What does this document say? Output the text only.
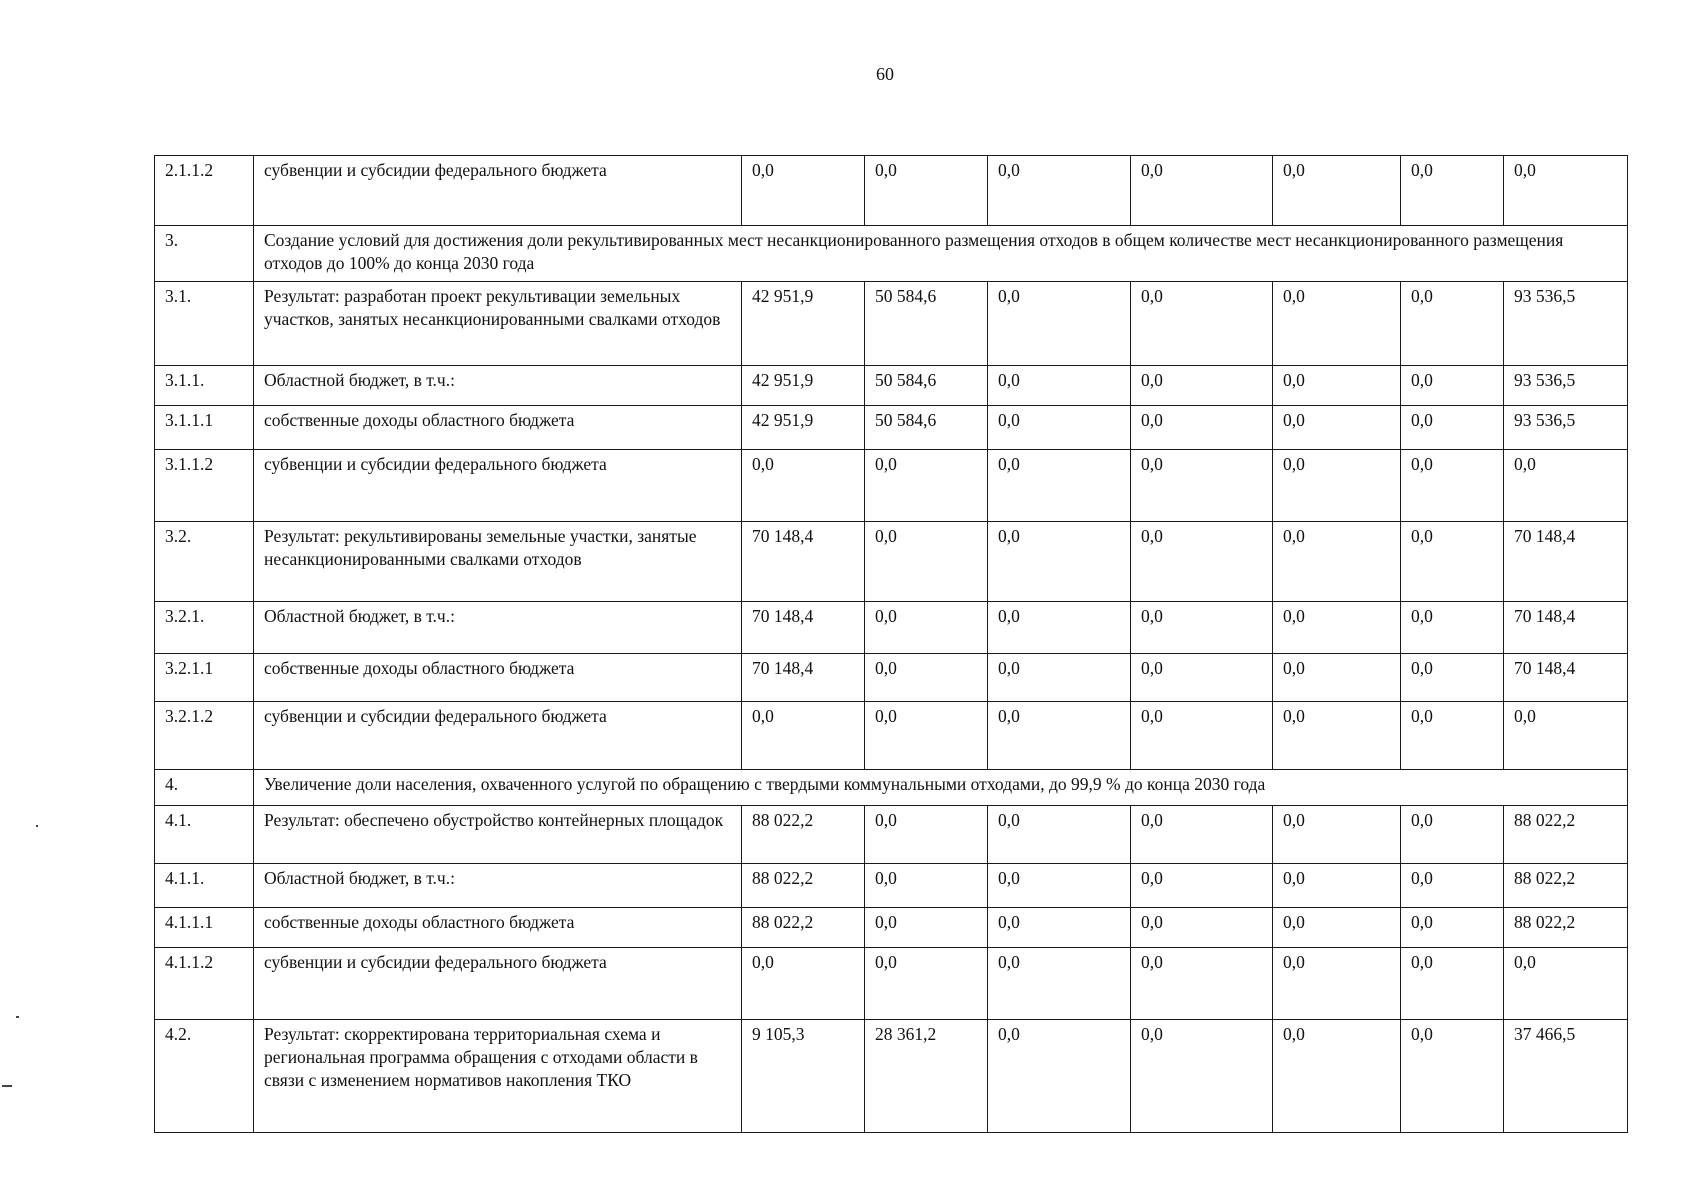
60
2.1.1.2	субвенции и субсидии федерального бюджета	0,0	0,0	0,0	0,0	0,0	0,0	0,0
3.	Создание условий для достижения доли рекультивированных мест несанкционированного размещения отходов в общем количестве мест несанкционированного размещения отходов до 100% до конца 2030 года							
3.1.	Результат: разработан проект рекультивации земельных участков, занятых несанкционированными свалками отходов	42 951,9	50 584,6	0,0	0,0	0,0	0,0	93 536,5
3.1.1.	Областной бюджет, в т.ч.:	42 951,9	50 584,6	0,0	0,0	0,0	0,0	93 536,5
3.1.1.1	собственные доходы областного бюджета	42 951,9	50 584,6	0,0	0,0	0,0	0,0	93 536,5
3.1.1.2	субвенции и субсидии федерального бюджета	0,0	0,0	0,0	0,0	0,0	0,0	0,0
3.2.	Результат: рекультивированы земельные участки, занятые несанкционированными свалками отходов	70 148,4	0,0	0,0	0,0	0,0	0,0	70 148,4
3.2.1.	Областной бюджет, в т.ч.:	70 148,4	0,0	0,0	0,0	0,0	0,0	70 148,4
3.2.1.1	собственные доходы областного бюджета	70 148,4	0,0	0,0	0,0	0,0	0,0	70 148,4
3.2.1.2	субвенции и субсидии федерального бюджета	0,0	0,0	0,0	0,0	0,0	0,0	0,0
4.	Увеличение доли населения, охваченного услугой по обращению с твердыми коммунальными отходами, до 99,9 % до конца 2030 года							
4.1.	Результат: обеспечено обустройство контейнерных площадок	88 022,2	0,0	0,0	0,0	0,0	0,0	88 022,2
4.1.1.	Областной бюджет, в т.ч.:	88 022,2	0,0	0,0	0,0	0,0	0,0	88 022,2
4.1.1.1	собственные доходы областного бюджета	88 022,2	0,0	0,0	0,0	0,0	0,0	88 022,2
4.1.1.2	субвенции и субсидии федерального бюджета	0,0	0,0	0,0	0,0	0,0	0,0	0,0
4.2.	Результат: скорректирована территориальная схема и региональная программа обращения с отходами области в связи с изменением нормативов накопления ТКО	9 105,3	28 361,2	0,0	0,0	0,0	0,0	37 466,5
